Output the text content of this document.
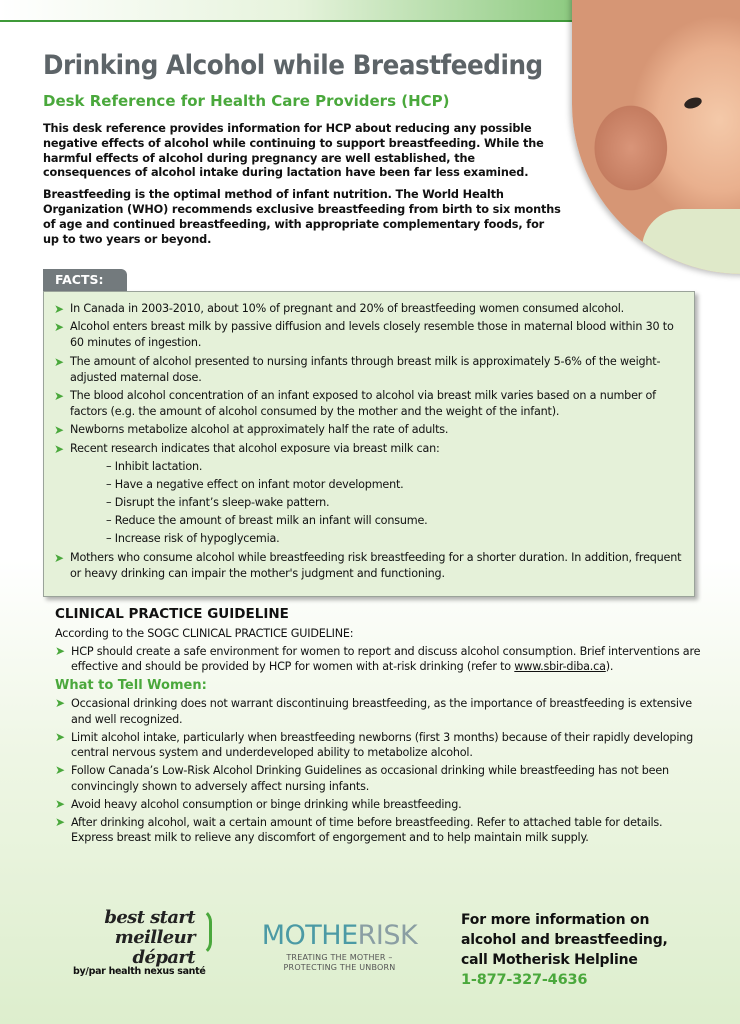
Drinking Alcohol while Breastfeeding
Desk Reference for Health Care Providers (HCP)

This desk reference provides information for HCP about reducing any possible negative effects of alcohol while continuing to support breastfeeding. While the harmful effects of alcohol during pregnancy are well established, the consequences of alcohol intake during lactation have been far less examined.

Breastfeeding is the optimal method of infant nutrition. The World Health Organization (WHO) recommends exclusive breastfeeding from birth to six months of age and continued breastfeeding, with appropriate complementary foods, for up to two years or beyond.

FACTS:
➤ In Canada in 2003-2010, about 10% of pregnant and 20% of breastfeeding women consumed alcohol.
➤ Alcohol enters breast milk by passive diffusion and levels closely resemble those in maternal blood within 30 to 60 minutes of ingestion.
➤ The amount of alcohol presented to nursing infants through breast milk is approximately 5-6% of the weight-adjusted maternal dose.
➤ The blood alcohol concentration of an infant exposed to alcohol via breast milk varies based on a number of factors (e.g. the amount of alcohol consumed by the mother and the weight of the infant).
➤ Newborns metabolize alcohol at approximately half the rate of adults.
➤ Recent research indicates that alcohol exposure via breast milk can:
– Inhibit lactation.
– Have a negative effect on infant motor development.
– Disrupt the infant’s sleep-wake pattern.
– Reduce the amount of breast milk an infant will consume.
– Increase risk of hypoglycemia.
➤ Mothers who consume alcohol while breastfeeding risk breastfeeding for a shorter duration. In addition, frequent or heavy drinking can impair the mother's judgment and functioning.
CLINICAL PRACTICE GUIDELINE
According to the SOGC CLINICAL PRACTICE GUIDELINE:
➤ HCP should create a safe environment for women to report and discuss alcohol consumption. Brief interventions are effective and should be provided by HCP for women with at-risk drinking (refer to www.sbir-diba.ca).
What to Tell Women:
➤ Occasional drinking does not warrant discontinuing breastfeeding, as the importance of breastfeeding is extensive and well recognized.
➤ Limit alcohol intake, particularly when breastfeeding newborns (first 3 months) because of their rapidly developing central nervous system and underdeveloped ability to metabolize alcohol.
➤ Follow Canada’s Low-Risk Alcohol Drinking Guidelines as occasional drinking while breastfeeding has not been convincingly shown to adversely affect nursing infants.
➤ Avoid heavy alcohol consumption or binge drinking while breastfeeding.
➤ After drinking alcohol, wait a certain amount of time before breastfeeding. Refer to attached table for details. Express breast milk to relieve any discomfort of engorgement and to help maintain milk supply.
best start
meilleur départ
by/par health nexus santé
MOTHERISK
TREATING THE MOTHER –
PROTECTING THE UNBORN
For more information on
alcohol and breastfeeding,
call Motherisk Helpline
1-877-327-4636
